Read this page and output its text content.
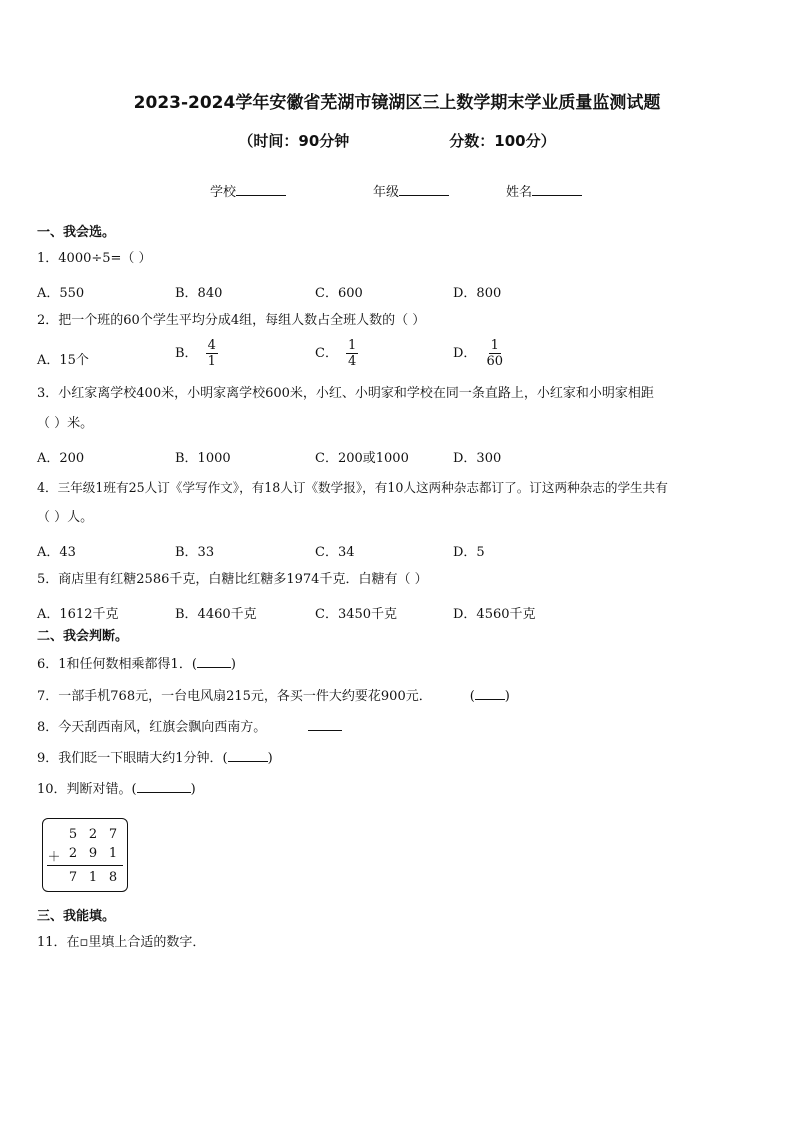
2023-2024学年安徽省芜湖市镜湖区三上数学期末学业质量监测试题
（时间：90分钟	分数：100分）
学校	年级	姓名
一、我会选。
1．4000÷5=（ ）
A．550	B．840	C．600	D．800
2．把一个班的60个学生平均分成4组，每组人数占全班人数的（ ）
A．15个	B． $\frac{4}{1}$	C． $\frac{1}{4}$	D． $\frac{1}{60}$
3．小红家离学校400米，小明家离学校600米，小红、小明家和学校在同一条直路上，小红家和小明家相距
（ ）米。
A．200	B．1000	C．200或1000	D．300
4．三年级1班有25人订《学写作文》，有18人订《数学报》，有10人这两种杂志都订了。订这两种杂志的学生共有
（ ）人。
A．43	B．33	C．34	D．5
5．商店里有红糖2586千克，白糖比红糖多1974千克．白糖有（ ）
A．1612千克	B．4460千克	C．3450千克	D．4560千克
二、我会判断。
6．1和任何数相乘都得1．(	)
7．一部手机768元，一台电风扇215元，各买一件大约要花900元．	( )
8．今天刮西南风，红旗会飘向西南方。
9．我们眨一下眼睛大约1分钟．(	)
10．判断对错。(	)
5 2 7
＋ 2 9 1
7 1 8
三、我能填。
11．在▫里填上合适的数字．
